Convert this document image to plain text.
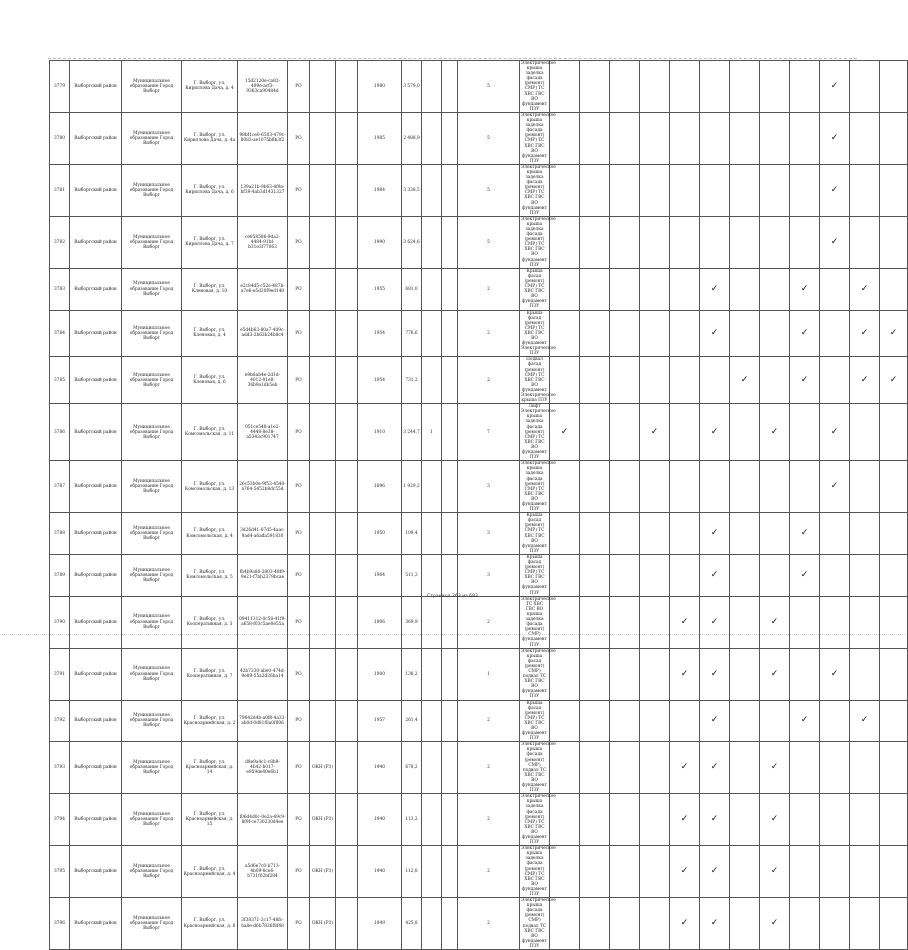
3779	Выборгский район	Муниципальное образование Город Выборг	Г. Выборг, ул. Кириллова Дача, д. 4	15d2120e-ca82-499e-acf3-9363ca90484d	РО			1980	3 579,0			5	Электрическое крыша заделка фасада (ремонт) СМР) ТС ХВС ГВС ВО фундамент ПЗУ										✓			
3780	Выборгский район	Муниципальное образование Город Выборг	Г. Выборг, ул. Кириллова Дача, д. 4а	98bf1ce0-6503-479c-8083-ae1075b8b3f2	РО			1985	2 488,9			5	Электрическое крыша заделка фасада (ремонт) СМР) ТС ХВС ГВС ВО фундамент ПЗУ										✓			
3781	Выборгский район	Муниципальное образование Город Выборг	Г. Выборг, ул. Кириллова Дача, д. 6	139a21b-9b63-4f9a-bf39-4ab3d1431327	РО			1984	3 338,5			5	Электрическое крыша заделка фасада (ремонт) СМР) ТС ХВС ГВС ВО фундамент ПЗУ										✓			
3782	Выборгский район	Муниципальное образование Город Выборг	Г. Выборг, ул. Кириллова Дача, д. 7	ce858586-9da2-4484-91bf-b31e3f77063	РО			1990	3 624,6			5	Электрическое крыша заделка фасада (ремонт) СМР) ТС ХВС ГВС ВО фундамент ПЗУ										✓			
3783	Выборгский район	Муниципальное образование Город Выборг	Г. Выборг, ул. Кленовая, д. 10	e2c84d5-c52e-487b-a7e6-e5d20f9ed140	РО			1955	681,0			2	Крыша фасад (ремонт) СМР) ТС ХВС ГВС ВО фундамент ПЗУ						✓			✓		✓		
3784	Выборгский район	Муниципальное образование Город Выборг	Г. Выборг, ул. Кленовая, д. 4	e5d4b63-80a7-409c-add3-2b63b24b8c4	РО			1954	778,6			2	Крыша фасад (ремонт) СМР) ТС ХВС ГВС ВО фундамент Электрическое ПЗУ						✓			✓		✓	✓	
3785	Выборгский район	Муниципальное образование Город Выборг	Г. Выборг, ул. Кленовая, д. 6	e9b8ab4e-2d1d-4012-81e8-36b9a1db5eb	РО			1954	731,2			2	Подвал фасад (ремонт) СМР) ТС ХВС ГВС ВО фундамент Электрическое крыша ПЗУ							✓		✓		✓	✓	
3786	Выборгский район	Муниципальное образование Город Выборг	Г. Выборг, ул. Комсомольская, д. 11	051ce548-a1e2-4448-8e38-a5343c901747	РО			1910	3 244,7	1		7	Лифт Электрическое крыша заделка фасада (ремонт) СМР) ТС ХВС ГВС ВО фундамент ПЗУ	✓			✓		✓		✓		✓			
3787	Выборгский район	Муниципальное образование Город Выборг	Г. Выборг, ул. Комсомольская, д. 13	26c53b0e-9f53-4540-a764-5452b8dc55d	РО			1896	1 929,2			3	Электрическое крыша заделка фасада (ремонт) СМР) ТС ХВС ГВС ВО фундамент ПЗУ										✓			
3788	Выборгский район	Муниципальное образование Город Выборг	Г. Выборг, ул. Комсомольская, д. 4	3d26d41-07d5-4aac-9ad4-a6ada591830	РО			1950	109,4			3	Крыша фасад (ремонт) СМР) ТС ХВС ГВС ВО фундамент ПЗУ						✓			✓				
3789	Выборгский район	Муниципальное образование Город Выборг	Г. Выборг, ул. Комсомольская, д. 5	fb4b9a86-2803-48f9-9e21-f7bb2379bcae	РО			1964	511,3			3	Крыша фасад (ремонт) СМР) ТС ХВС ГВС ВО фундамент ПЗУ						✓			✓				
3790	Выборгский район	Муниципальное образование Город Выборг	Г. Выборг, ул. Кооперативная, д. 3	09411312-0c58-41f9-a658-f03c5ae0e55a	РО			1906	369,9			2	Электрическое ТС ХВС ГВС ВО крыша заделка фасада (ремонт) СМР) фундамент ПЗУ					✓	✓		✓					
3791	Выборгский район	Муниципальное образование Город Выборг	Г. Выборг, ул. Кооперативная, д. 7	42b7330-abe0-474d-9e89-55a2d26ba14	РО			1900	138,2			1	Электрическое крыша фасад (ремонт) СМР) подвал ТС ХВС ГВС ВО фундамент ПЗУ					✓	✓		✓		✓			
3792	Выборгский район	Муниципальное образование Город Выборг	Г. Выборг, ул. Красноармейская, д. 2	79642d4b-a0f8-4a33-ab0d-0d81f8a0f806	РО			1957	261,4			2	Крыша фасад (ремонт) СМР) ТС ХВС ГВС ВО фундамент ПЗУ						✓			✓		✓		
3793	Выборгский район	Муниципальное образование Город Выборг	Г. Выборг, ул. Красноармейская, д. 14	d8e9a4c1-c8b9-4b42-b017-e959de40e6b1	РО	ОКН (Р3)		1940	678,2			2	Электрическое крыша фасада (ремонт) СМР) подвал ТС ХВС ГВС ВО фундамент ПЗУ					✓	✓		✓					
3794	Выборгский район	Муниципальное образование Город Выборг	Г. Выборг, ул. Красноармейская, д. 15	f06d4d0c-0e2a-49c9-8f9f-ce730230d4ee	РО	ОКН (Р3)		1940	113,2			2	Электрическое крыша заделка фасада (ремонт) СМР) ТС ХВС ГВС ВО фундамент ПЗУ					✓	✓		✓					
3795	Выборгский район	Муниципальное образование Город Выборг	Г. Выборг, ул. Красноармейская, д. 4	a5d6e7c0-b713-4b09-8ce6-b731f02bf284	РО	ОКН (Р3)		1940	112,8			2	Электрическое крыша заделка фасада (ремонт) СМР) ТС ХВС ГВС ВО фундамент ПЗУ					✓	✓		✓					
3796	Выборгский район	Муниципальное образование Город Выборг	Г. Выборг, ул. Красноармейская, д. 6	3f38371-2c17-48fc-ba8e-d6b7826f8f48	РО	ОКН (Р3)		1949	425,8			2	Электрическое крыша фасада (ремонт) СМР) подвал ТС ХВС ГВС ВО фундамент ПЗУ					✓	✓		✓					
Страница 263 из 683
